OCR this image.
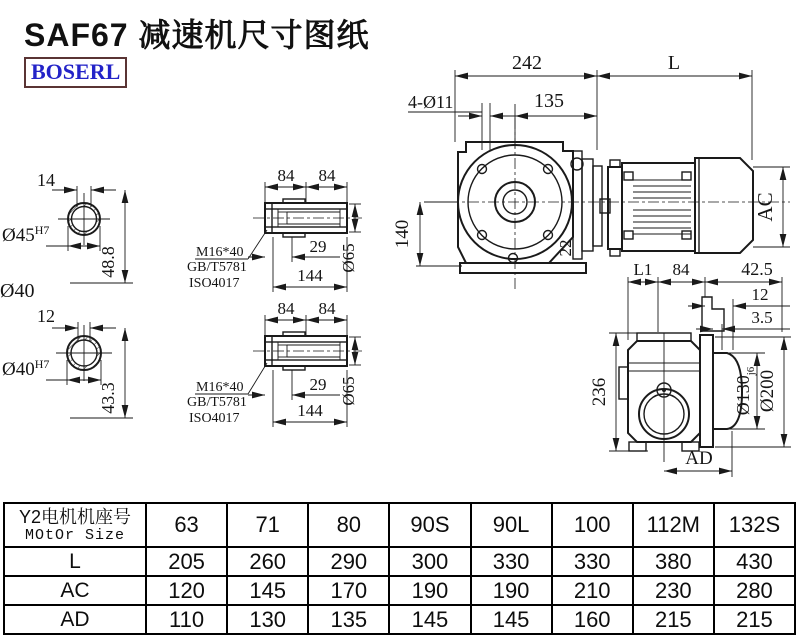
SAF67 减速机尺寸图纸
BOSERL	242	L
4-Ø11	135
140	22
AC
14
$Ø45^{H7}$
48.8
Ø40
12
$Ø40^{H7}$
43.3
84 84
29
144
Ø65
M16*40
GB/T5781
ISO4017
84 84
29
144
Ø65
M16*40
GB/T5781
ISO4017
L1 84	42.5
12
3.5
236	$Ø130_{j6}$ Ø200
AD
Y2电机机座号
MOtOr Size	63	71	80	90S	90L	100	112M	132S
L	205	260	290	300	330	330	380	430
AC	120	145	170	190	190	210	230	280
AD	110	130	135	145	145	160	215	215
